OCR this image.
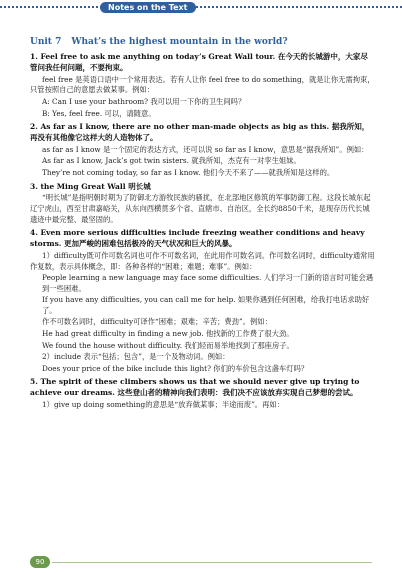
Notes on the Text
Unit 7 What’s the highest mountain in the world?
1. Feel free to ask me anything on today’s Great Wall tour. 在今天的长城游中，大家尽管问我任何问题，不要拘束。
feel free 是英语口语中一个常用表达。若有人让你 feel free to do something，就是让你无需拘束，只管按照自己的意愿去做某事。例如：
A: Can I use your bathroom? 我可以用一下你的卫生间吗？
B: Yes, feel free. 可以，请随意。
2. As far as I know, there are no other man-made objects as big as this. 据我所知，再没有其他像它这样大的人造物体了。
as far as I know 是一个固定的表达方式，还可以说 so far as I know，意思是“据我所知”。例如：
As far as I know, Jack’s got twin sisters. 就我所知，杰克有一对孪生姐妹。
They’re not coming today, so far as I know. 他们今天不来了——就我所知是这样的。
3. the Ming Great Wall 明长城
“明长城”是指明朝时期为了防御北方游牧民族的骚扰，在北部地区修筑的军事防御工程。这段长城东起辽宁虎山，西至甘肃嘉峪关，从东向西横贯多个省、直辖市、自治区，全长约8850千米，是现存历代长城遗迹中最完整、最坚固的。
4. Even more serious difficulties include freezing weather conditions and heavy storms. 更加严峻的困难包括极冷的天气状况和巨大的风暴。
1）difficulty既可作可数名词也可作不可数名词，在此用作可数名词。作可数名词时，difficulty通常用作复数，表示具体概念，即：各种各样的“困难；难题；难事”。例如：
People learning a new language may face some difficulties. 人们学习一门新的语言时可能会遇到一些困难。
If you have any difficulties, you can call me for help. 如果你遇到任何困难，给我打电话求助好了。
作不可数名词时，difficulty可译作“困难；艰难；辛苦；费劲”。例如：
He had great difficulty in finding a new job. 他找新的工作费了很大劲。
We found the house without difficulty. 我们轻而易举地找到了那座房子。
2）include 表示“包括；包含”，是一个及物动词。例如：
Does your price of the bike include this light? 你们的车价包含这盏车灯吗？
5. The spirit of these climbers shows us that we should never give up trying to achieve our dreams. 这些登山者的精神向我们表明：我们决不应该放弃实现自己梦想的尝试。
1）give up doing something的意思是“放弃做某事；半途而废”。再如：
90
